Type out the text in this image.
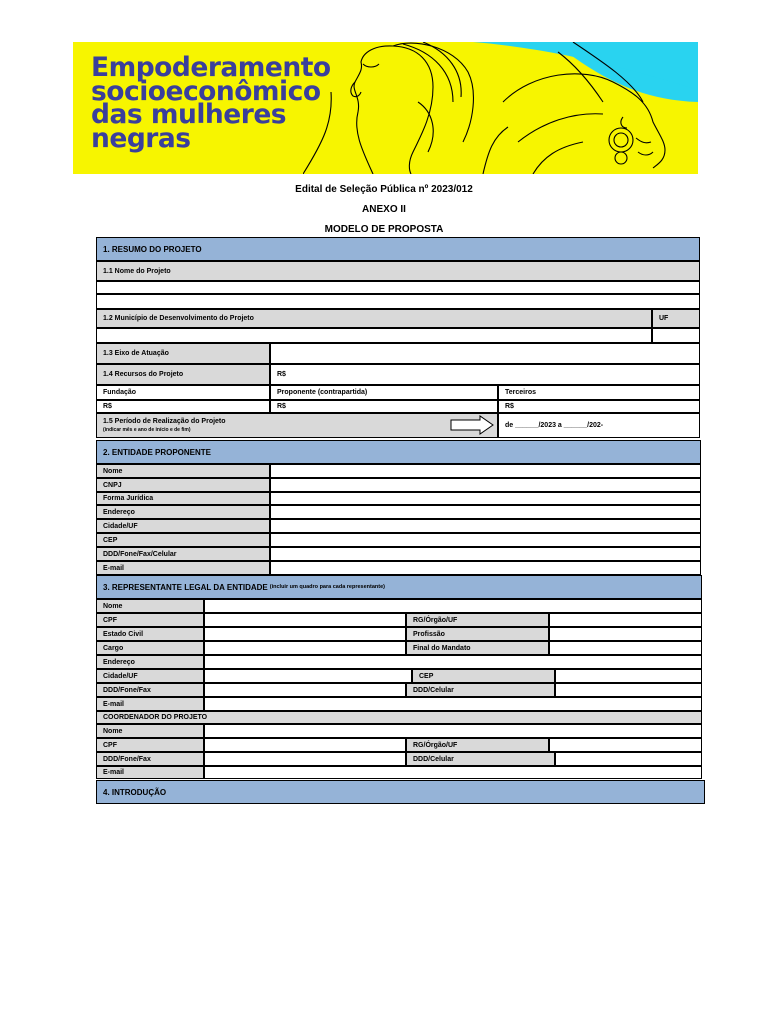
Empoderamento
socioeconômico
das mulheres
negras
Edital de Seleção Pública nº 2023/012
ANEXO II
MODELO DE PROPOSTA
1. RESUMO DO PROJETO
1.1 Nome do Projeto
1.2 Município de Desenvolvimento do Projeto	UF
1.3 Eixo de Atuação
1.4 Recursos do Projeto	R$
Fundação	Proponente (contrapartida)	Terceiros
R$	R$	R$
1.5 Período de Realização do Projeto
(indicar mês e ano de início e de fim)
de ______/2023 a ______/202-
2. ENTIDADE PROPONENTE
Nome
CNPJ
Forma Jurídica
Endereço
Cidade/UF
CEP
DDD/Fone/Fax/Celular
E-mail
3. REPRESENTANTE LEGAL DA ENTIDADE (incluir um quadro para cada representante)
Nome
CPF	RG/Órgão/UF
Estado Civil	Profissão
Cargo	Final do Mandato
Endereço
Cidade/UF	CEP
DDD/Fone/Fax	DDD/Celular
E-mail
COORDENADOR DO PROJETO
Nome
CPF	RG/Órgão/UF
DDD/Fone/Fax	DDD/Celular
E-mail
4. INTRODUÇÃO
